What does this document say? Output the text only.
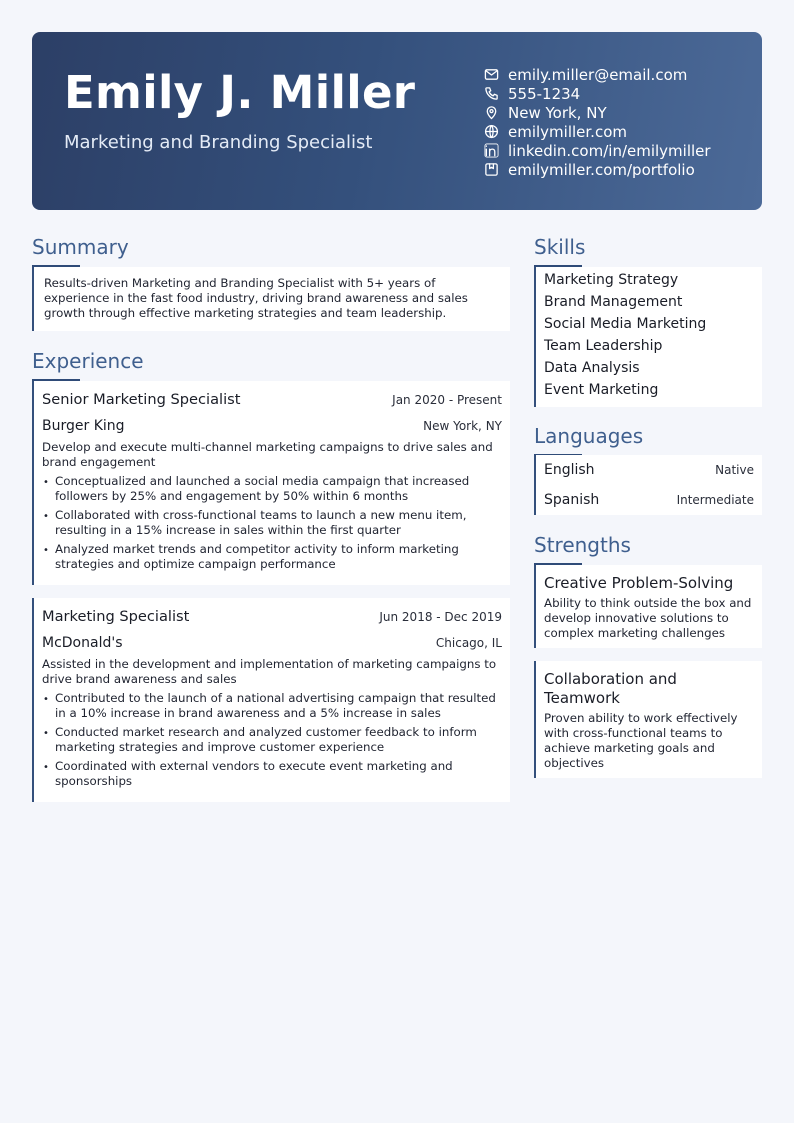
Emily J. Miller
Marketing and Branding Specialist
emily.miller@email.com
555-1234
New York, NY
emilymiller.com
linkedin.com/in/emilymiller
emilymiller.com/portfolio
Summary
Results-driven Marketing and Branding Specialist with 5+ years of experience in the fast food industry, driving brand awareness and sales growth through effective marketing strategies and team leadership.
Experience
Senior Marketing Specialist	Jan 2020 - Present
Burger King	New York, NY
Develop and execute multi-channel marketing campaigns to drive sales and brand engagement
• Conceptualized and launched a social media campaign that increased followers by 25% and engagement by 50% within 6 months
• Collaborated with cross-functional teams to launch a new menu item, resulting in a 15% increase in sales within the first quarter
• Analyzed market trends and competitor activity to inform marketing strategies and optimize campaign performance
Marketing Specialist	Jun 2018 - Dec 2019
McDonald's	Chicago, IL
Assisted in the development and implementation of marketing campaigns to drive brand awareness and sales
• Contributed to the launch of a national advertising campaign that resulted in a 10% increase in brand awareness and a 5% increase in sales
• Conducted market research and analyzed customer feedback to inform marketing strategies and improve customer experience
• Coordinated with external vendors to execute event marketing and sponsorships
Skills
Marketing Strategy
Brand Management
Social Media Marketing
Team Leadership
Data Analysis
Event Marketing
Languages
English	Native
Spanish	Intermediate
Strengths
Creative Problem-Solving
Ability to think outside the box and develop innovative solutions to complex marketing challenges
Collaboration and Teamwork
Proven ability to work effectively with cross-functional teams to achieve marketing goals and objectives
